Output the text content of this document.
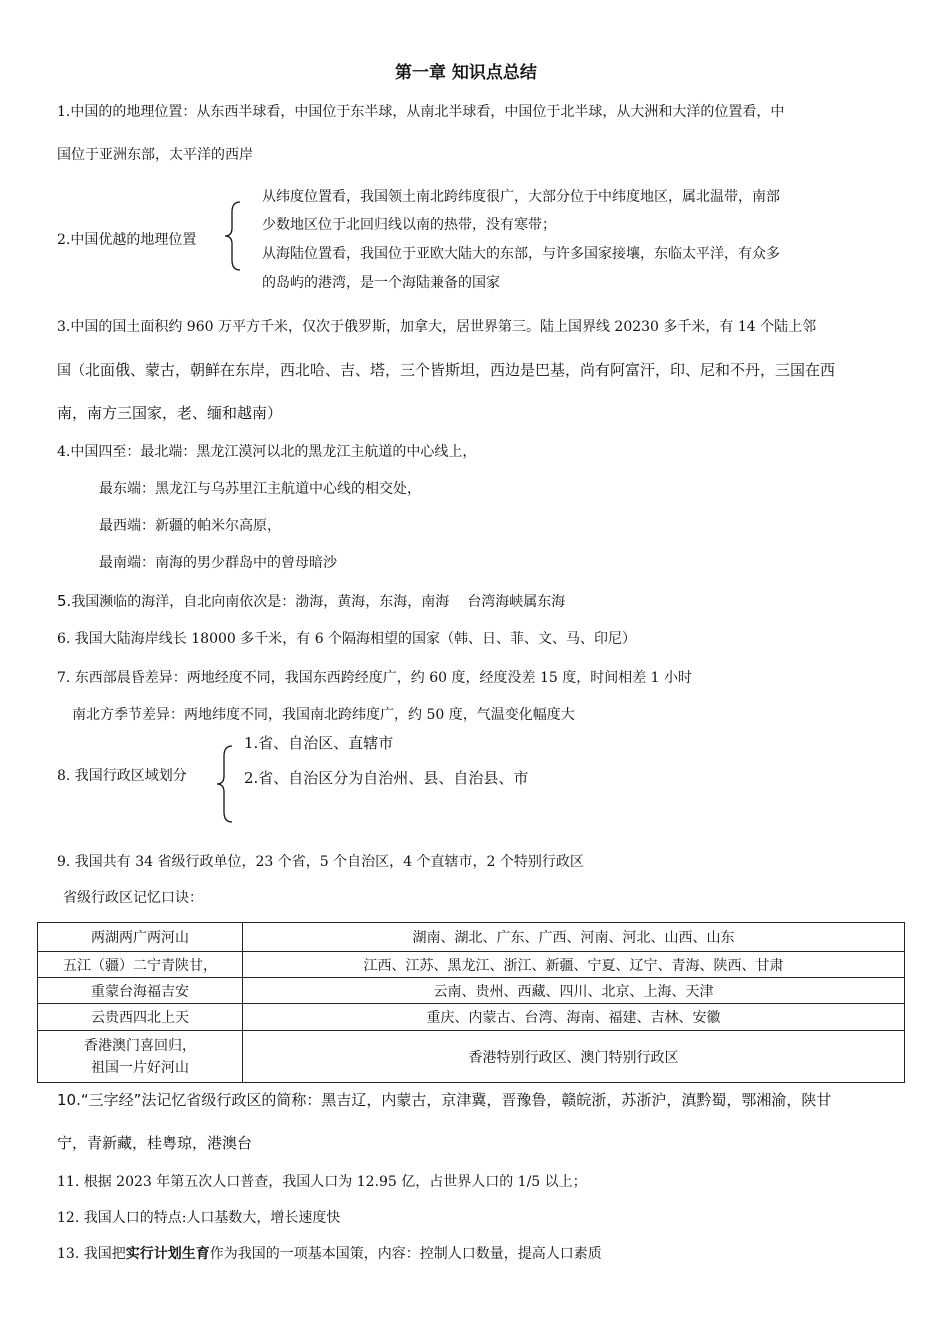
第一章 知识点总结
1.中国的的地理位置：从东西半球看，中国位于东半球，从南北半球看，中国位于北半球，从大洲和大洋的位置看，中
国位于亚洲东部，太平洋的西岸
2.中国优越的地理位置
从纬度位置看，我国领土南北跨纬度很广，大部分位于中纬度地区，属北温带，南部
少数地区位于北回归线以南的热带，没有寒带；
从海陆位置看，我国位于亚欧大陆大的东部，与许多国家接壤，东临太平洋，有众多
的岛屿的港湾，是一个海陆兼备的国家
3.中国的国土面积约 960 万平方千米，仅次于俄罗斯，加拿大，居世界第三。陆上国界线 20230 多千米，有 14 个陆上邻
国（北面俄、蒙古，朝鲜在东岸，西北哈、吉、塔，三个皆斯坦，西边是巴基，尚有阿富汗，印、尼和不丹，三国在西
南，南方三国家，老、缅和越南）
4.中国四至：最北端：黑龙江漠河以北的黑龙江主航道的中心线上，
最东端：黑龙江与乌苏里江主航道中心线的相交处，
最西端：新疆的帕米尔高原，
最南端：南海的男少群岛中的曾母暗沙
5.我国濒临的海洋，自北向南依次是：渤海，黄海，东海，南海 台湾海峡属东海
6. 我国大陆海岸线长 18000 多千米，有 6 个隔海相望的国家（韩、日、菲、文、马、印尼）
7. 东西部晨昏差异：两地经度不同，我国东西跨经度广，约 60 度，经度没差 15 度，时间相差 1 小时
南北方季节差异：两地纬度不同，我国南北跨纬度广，约 50 度，气温变化幅度大
8. 我国行政区域划分
1.省、自治区、直辖市
2.省、自治区分为自治州、县、自治县、市
9. 我国共有 34 省级行政单位，23 个省，5 个自治区，4 个直辖市，2 个特别行政区
省级行政区记忆口诀：
两湖两广两河山	湖南、湖北、广东、广西、河南、河北、山西、山东
五江（疆）二宁青陕甘，	江西、江苏、黑龙江、浙江、新疆、宁夏、辽宁、青海、陕西、甘肃
重蒙台海福吉安	云南、贵州、西藏、四川、北京、上海、天津
云贵西四北上天	重庆、内蒙古、台湾、海南、福建、吉林、安徽
香港澳门喜回归，
祖国一片好河山	香港特别行政区、澳门特别行政区
10.“三字经”法记忆省级行政区的简称：黑吉辽，内蒙古，京津冀，晋豫鲁，赣皖浙，苏浙沪，滇黔蜀，鄂湘渝，陕甘
宁，青新藏，桂粤琼，港澳台
11. 根据 2023 年第五次人口普查，我国人口为 12.95 亿，占世界人口的 1/5 以上；
12. 我国人口的特点:人口基数大，增长速度快
13. 我国把实行计划生育作为我国的一项基本国策，内容：控制人口数量，提高人口素质
